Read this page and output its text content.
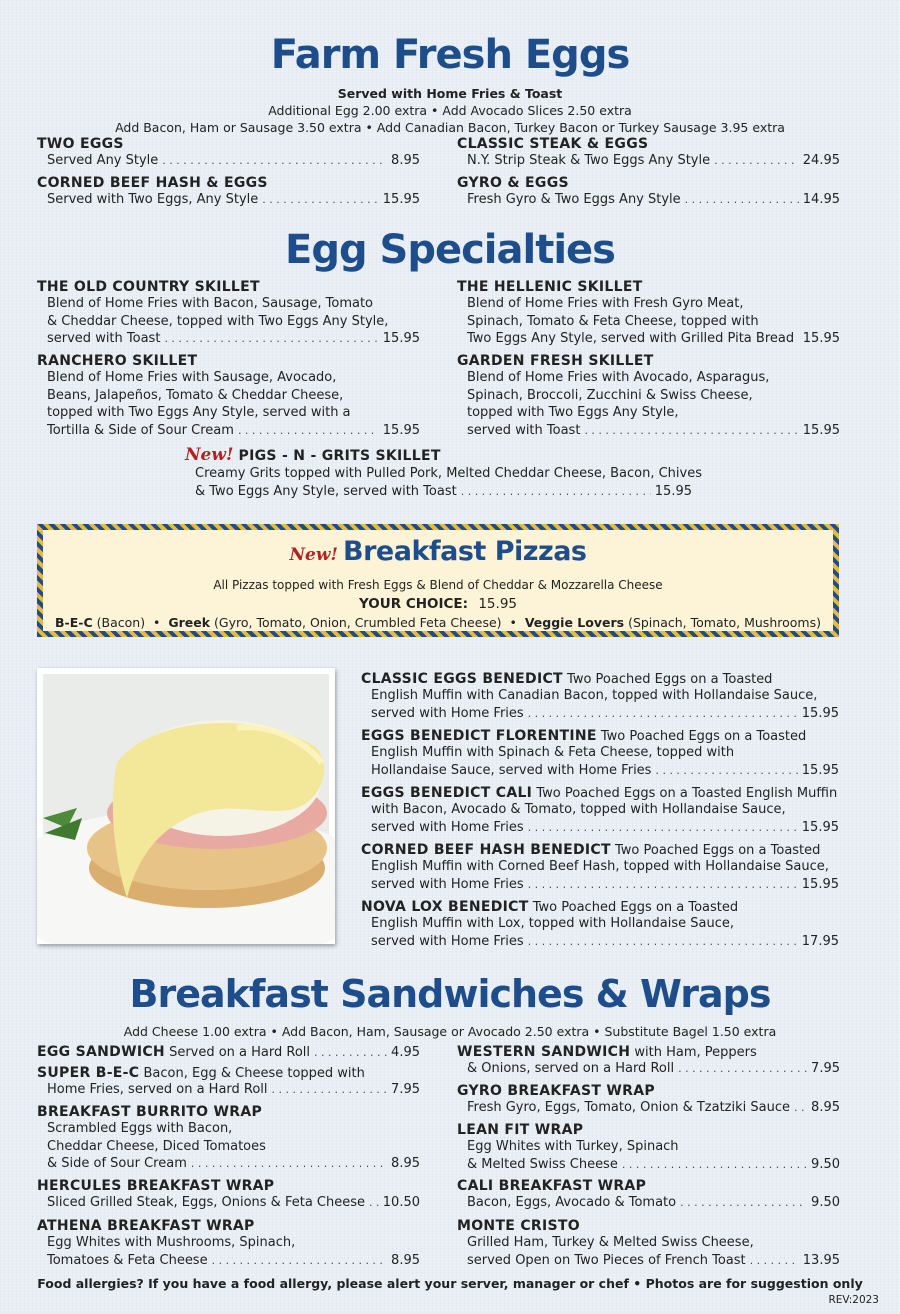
Farm Fresh Eggs
Served with Home Fries & Toast
Additional Egg 2.00 extra • Add Avocado Slices 2.50 extra
Add Bacon, Ham or Sausage 3.50 extra • Add Canadian Bacon, Turkey Bacon or Turkey Sausage 3.95 extra
TWO EGGS
Served Any Style . . .	8.95
CORNED BEEF HASH & EGGS
Served with Two Eggs, Any Style . . .	15.95
CLASSIC STEAK & EGGS
N.Y. Strip Steak & Two Eggs Any Style . . .	24.95
GYRO & EGGS
Fresh Gyro & Two Eggs Any Style . . .	14.95
Egg Specialties
THE OLD COUNTRY SKILLET
Blend of Home Fries with Bacon, Sausage, Tomato
& Cheddar Cheese, topped with Two Eggs Any Style,
served with Toast . . .	15.95
RANCHERO SKILLET
Blend of Home Fries with Sausage, Avocado,
Beans, Jalapeños, Tomato & Cheddar Cheese,
topped with Two Eggs Any Style, served with a
Tortilla & Side of Sour Cream . . .	15.95
THE HELLENIC SKILLET
Blend of Home Fries with Fresh Gyro Meat,
Spinach, Tomato & Feta Cheese, topped with
Two Eggs Any Style, served with Grilled Pita Bread . . . 15.95
GARDEN FRESH SKILLET
Blend of Home Fries with Avocado, Asparagus,
Spinach, Broccoli, Zucchini & Swiss Cheese,
topped with Two Eggs Any Style,
served with Toast . . .	15.95
New! PIGS - N - GRITS SKILLET
Creamy Grits topped with Pulled Pork, Melted Cheddar Cheese, Bacon, Chives
& Two Eggs Any Style, served with Toast . . .	15.95
New! Breakfast Pizzas
All Pizzas topped with Fresh Eggs & Blend of Cheddar & Mozzarella Cheese
YOUR CHOICE: 15.95
B-E-C (Bacon) • Greek (Gyro, Tomato, Onion, Crumbled Feta Cheese) • Veggie Lovers (Spinach, Tomato, Mushrooms)
CLASSIC EGGS BENEDICT Two Poached Eggs on a Toasted
English Muffin with Canadian Bacon, topped with Hollandaise Sauce,
served with Home Fries . . .	15.95
EGGS BENEDICT FLORENTINE Two Poached Eggs on a Toasted
English Muffin with Spinach & Feta Cheese, topped with
Hollandaise Sauce, served with Home Fries . . .	15.95
EGGS BENEDICT CALI Two Poached Eggs on a Toasted English Muffin
with Bacon, Avocado & Tomato, topped with Hollandaise Sauce,
served with Home Fries . . .	15.95
CORNED BEEF HASH BENEDICT Two Poached Eggs on a Toasted
English Muffin with Corned Beef Hash, topped with Hollandaise Sauce,
served with Home Fries . . .	15.95
NOVA LOX BENEDICT Two Poached Eggs on a Toasted
English Muffin with Lox, topped with Hollandaise Sauce,
served with Home Fries . . .	17.95
Breakfast Sandwiches & Wraps
Add Cheese 1.00 extra • Add Bacon, Ham, Sausage or Avocado 2.50 extra • Substitute Bagel 1.50 extra
EGG SANDWICH Served on a Hard Roll . . .	4.95
SUPER B-E-C Bacon, Egg & Cheese topped with
Home Fries, served on a Hard Roll . . .	7.95
BREAKFAST BURRITO WRAP
Scrambled Eggs with Bacon,
Cheddar Cheese, Diced Tomatoes
& Side of Sour Cream . . .	8.95
HERCULES BREAKFAST WRAP
Sliced Grilled Steak, Eggs, Onions & Feta Cheese . . . 10.50
ATHENA BREAKFAST WRAP
Egg Whites with Mushrooms, Spinach,
Tomatoes & Feta Cheese . . .	8.95
WESTERN SANDWICH with Ham, Peppers
& Onions, served on a Hard Roll . . .	7.95
GYRO BREAKFAST WRAP
Fresh Gyro, Eggs, Tomato, Onion & Tzatziki Sauce . . . 8.95
LEAN FIT WRAP
Egg Whites with Turkey, Spinach
& Melted Swiss Cheese . . .	9.50
CALI BREAKFAST WRAP
Bacon, Eggs, Avocado & Tomato . . .	9.50
MONTE CRISTO
Grilled Ham, Turkey & Melted Swiss Cheese,
served Open on Two Pieces of French Toast . . .	13.95
Food allergies? If you have a food allergy, please alert your server, manager or chef • Photos are for suggestion only
REV:2023
